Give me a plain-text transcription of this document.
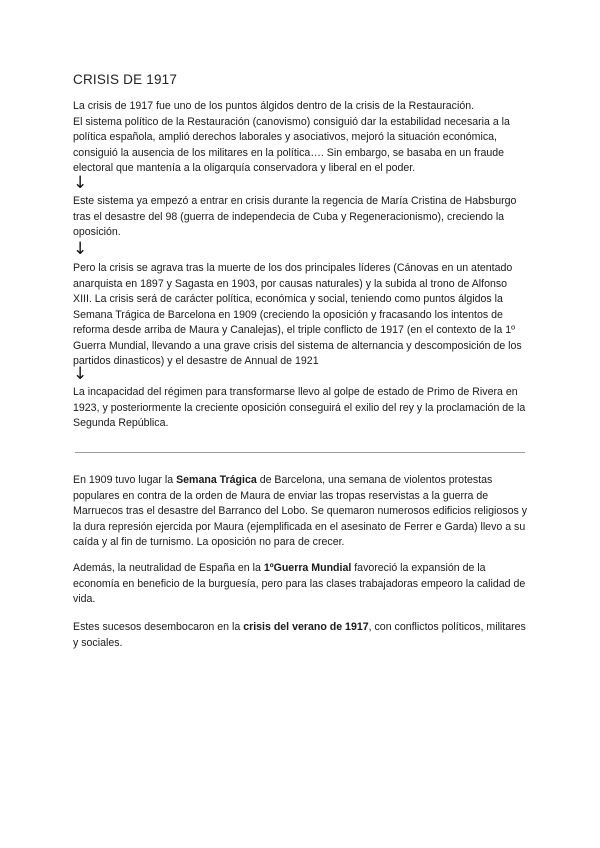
CRISIS DE 1917

La crisis de 1917 fue uno de los puntos álgidos dentro de la crisis de la Restauración.

El sistema político de la Restauración (canovismo) consiguió dar la estabilidad necesaria a la política española, amplió derechos laborales y asociativos, mejoró la situación económica, consiguió la ausencia de los militares en la política…. Sin embargo, se basaba en un fraude electoral que mantenía a la oligarquía conservadora y liberal en el poder.

↓

Este sistema ya empezó a entrar en crisis durante la regencia de María Cristina de Habsburgo tras el desastre del 98 (guerra de independecia de Cuba y Regeneracionismo), creciendo la oposición.

↓

Pero la crisis se agrava tras la muerte de los dos principales líderes (Cánovas en un atentado anarquista en 1897 y Sagasta en 1903, por causas naturales) y la subida al trono de Alfonso XIII. La crisis será de carácter política, económica y social, teniendo como puntos álgidos la Semana Trágica de Barcelona en 1909 (creciendo la oposición y fracasando los intentos de reforma desde arriba de Maura y Canalejas), el triple conflicto de 1917 (en el contexto de la 1º Guerra Mundial, llevando a una grave crisis del sistema de alternancia y descomposición de los partidos dinasticos) y el desastre de Annual de 1921

↓

La incapacidad del régimen para transformarse llevo al golpe de estado de Primo de Rivera en 1923, y posteriormente la creciente oposición conseguirá el exilio del rey y la proclamación de la Segunda República.

En 1909 tuvo lugar la Semana Trágica de Barcelona, una semana de violentos protestas populares en contra de la orden de Maura de enviar las tropas reservistas a la guerra de Marruecos tras el desastre del Barranco del Lobo. Se quemaron numerosos edificios religiosos y la dura represión ejercida por Maura (ejemplificada en el asesinato de Ferrer e Garda) llevo a su caída y al fin de turnismo. La oposición no para de crecer.

Además, la neutralidad de España en la 1ºGuerra Mundial favoreció la expansión de la economía en beneficio de la burguesía, pero para las clases trabajadoras empeoro la calidad de vida.

Estes sucesos desembocaron en la crisis del verano de 1917, con conflictos políticos, militares y sociales.
